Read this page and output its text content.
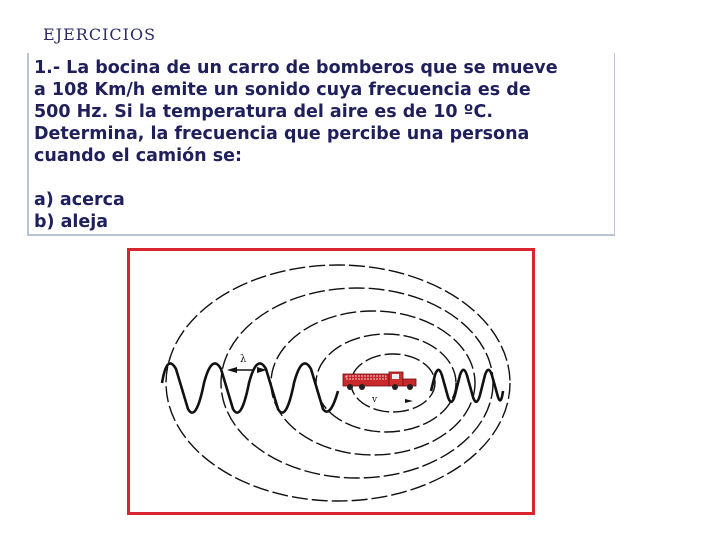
EJERCICIOS

1.- La bocina de un carro de bomberos que se mueve

a 108 Km/h emite un sonido cuya frecuencia es de

500 Hz. Si la temperatura del aire es de 10 ºC.

Determina, la frecuencia que percibe una persona

cuando el camión se:

a) acerca

b) aleja

λ
v
